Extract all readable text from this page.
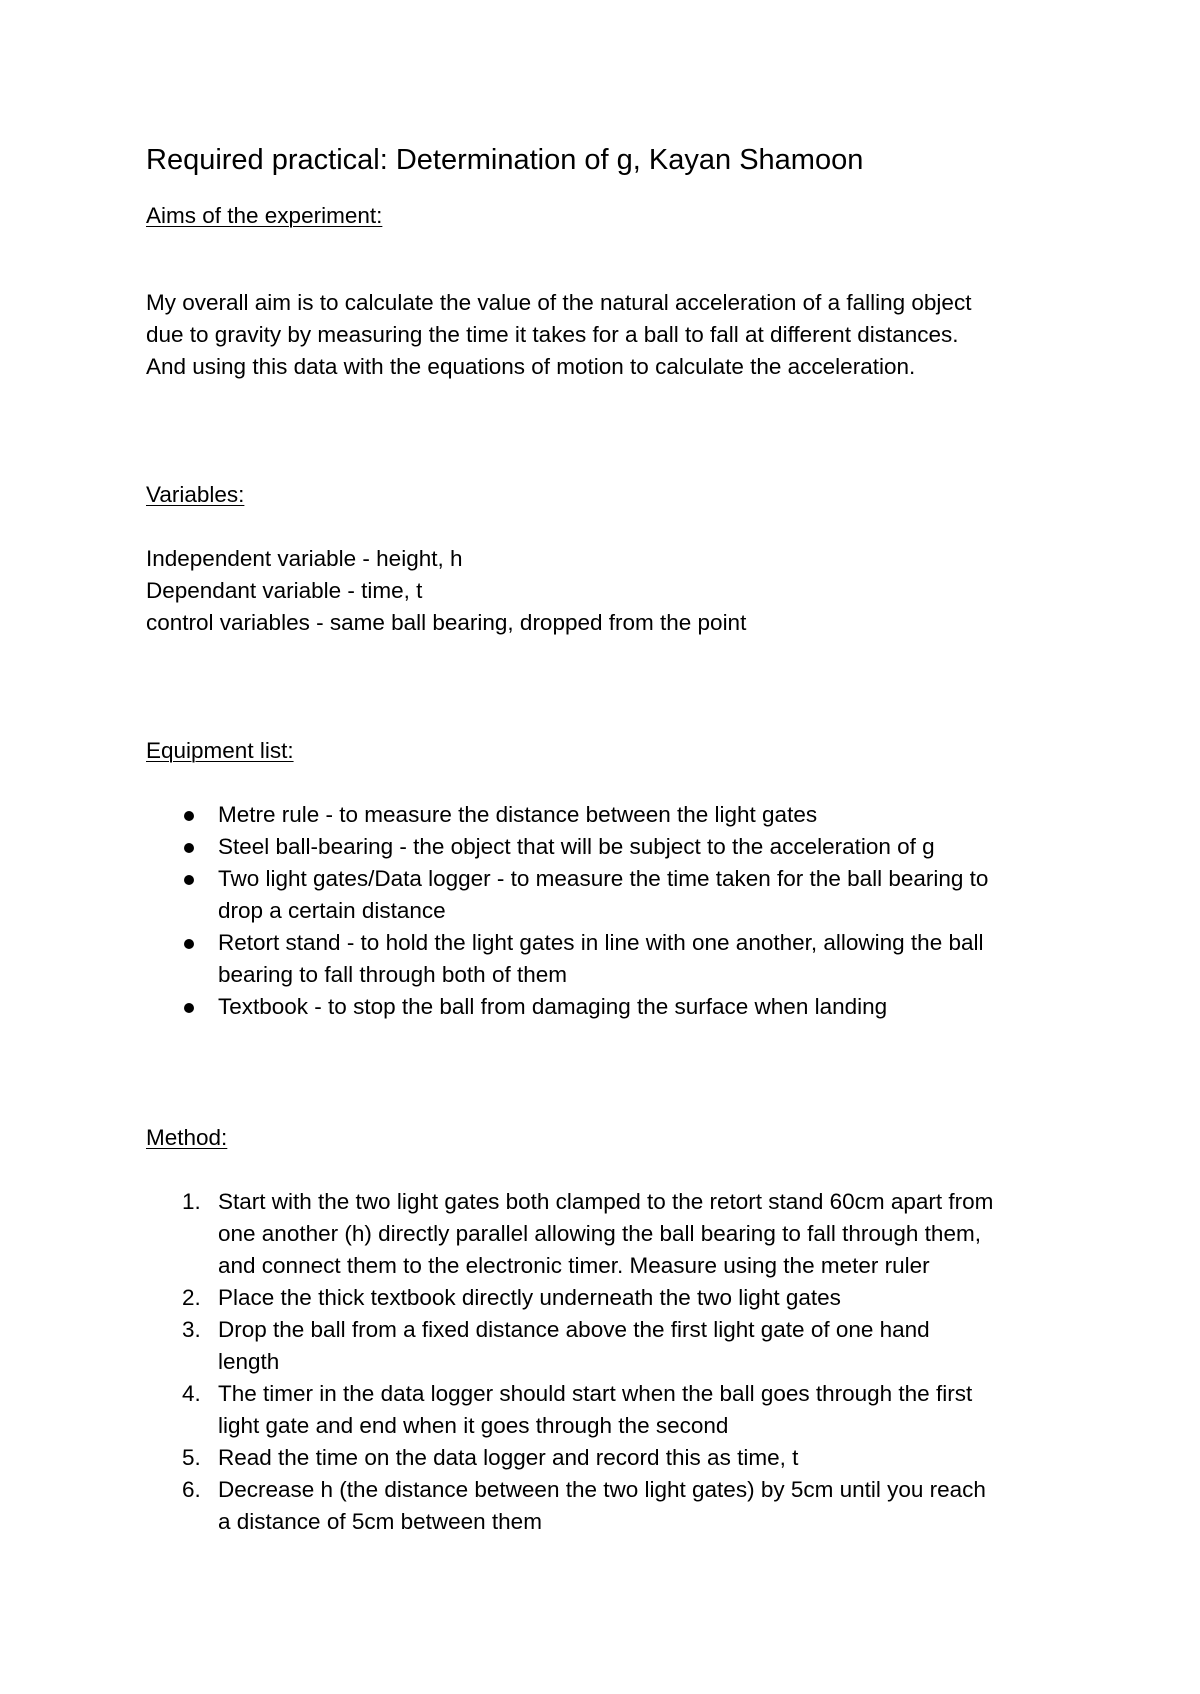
Required practical: Determination of g, Kayan Shamoon
Aims of the experiment:

My overall aim is to calculate the value of the natural acceleration of a falling object
due to gravity by measuring the time it takes for a ball to fall at different distances.
And using this data with the equations of motion to calculate the acceleration.

Variables:

Independent variable - height, h
Dependant variable - time, t
control variables - same ball bearing, dropped from the point

Equipment list:
Metre rule - to measure the distance between the light gates
Steel ball-bearing - the object that will be subject to the acceleration of g
Two light gates/Data logger - to measure the time taken for the ball bearing to
drop a certain distance
Retort stand - to hold the light gates in line with one another, allowing the ball
bearing to fall through both of them
Textbook - to stop the ball from damaging the surface when landing
Method:
1. Start with the two light gates both clamped to the retort stand 60cm apart from
one another (h) directly parallel allowing the ball bearing to fall through them,
and connect them to the electronic timer. Measure using the meter ruler
2. Place the thick textbook directly underneath the two light gates
3. Drop the ball from a fixed distance above the first light gate of one hand
length
4. The timer in the data logger should start when the ball goes through the first
light gate and end when it goes through the second
5. Read the time on the data logger and record this as time, t
6. Decrease h (the distance between the two light gates) by 5cm until you reach
a distance of 5cm between them
